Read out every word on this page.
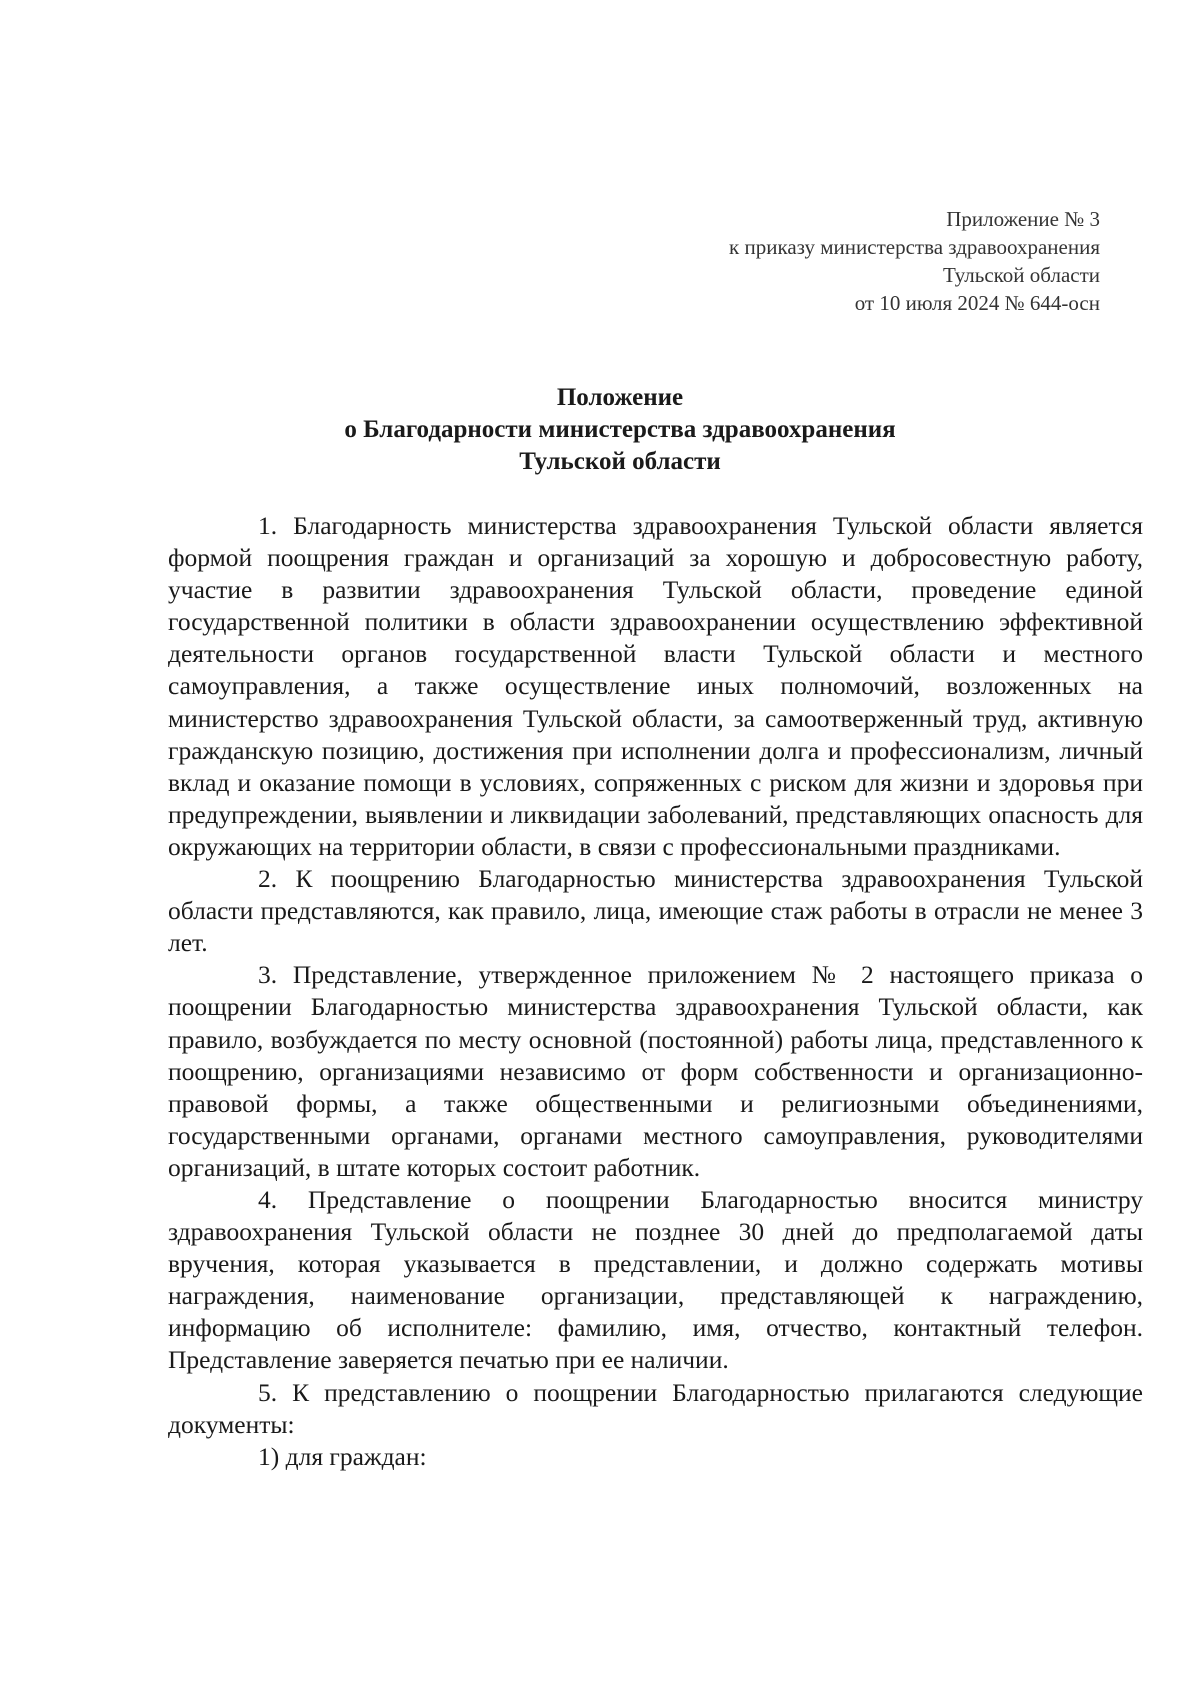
Приложение № 3
к приказу министерства здравоохранения
Тульской области
от 10 июля 2024 № 644-осн
Положение
о Благодарности министерства здравоохранения
Тульской области

1. Благодарность министерства здравоохранения Тульской области является формой поощрения граждан и организаций за хорошую и добросовестную работу, участие в развитии здравоохранения Тульской области, проведение единой государственной политики в области здравоохранении осуществлению эффективной деятельности органов государственной власти Тульской области и местного самоуправления, а также осуществление иных полномочий, возложенных на министерство здравоохранения Тульской области, за самоотверженный труд, активную гражданскую позицию, достижения при исполнении долга и профессионализм, личный вклад и оказание помощи в условиях, сопряженных с риском для жизни и здоровья при предупреждении, выявлении и ликвидации заболеваний, представляющих опасность для окружающих на территории области, в связи с профессиональными праздниками.

2. К поощрению Благодарностью министерства здравоохранения Тульской области представляются, как правило, лица, имеющие стаж работы в отрасли не менее 3 лет.

3. Представление, утвержденное приложением № 2 настоящего приказа о поощрении Благодарностью министерства здравоохранения Тульской области, как правило, возбуждается по месту основной (постоянной) работы лица, представленного к поощрению, организациями независимо от форм собственности и организационно-правовой формы, а также общественными и религиозными объединениями, государственными органами, органами местного самоуправления, руководителями организаций, в штате которых состоит работник.

4. Представление о поощрении Благодарностью вносится министру здравоохранения Тульской области не позднее 30 дней до предполагаемой даты вручения, которая указывается в представлении, и должно содержать мотивы награждения, наименование организации, представляющей к награждению, информацию об исполнителе: фамилию, имя, отчество, контактный телефон. Представление заверяется печатью при ее наличии.

5. К представлению о поощрении Благодарностью прилагаются следующие документы:

1) для граждан:
